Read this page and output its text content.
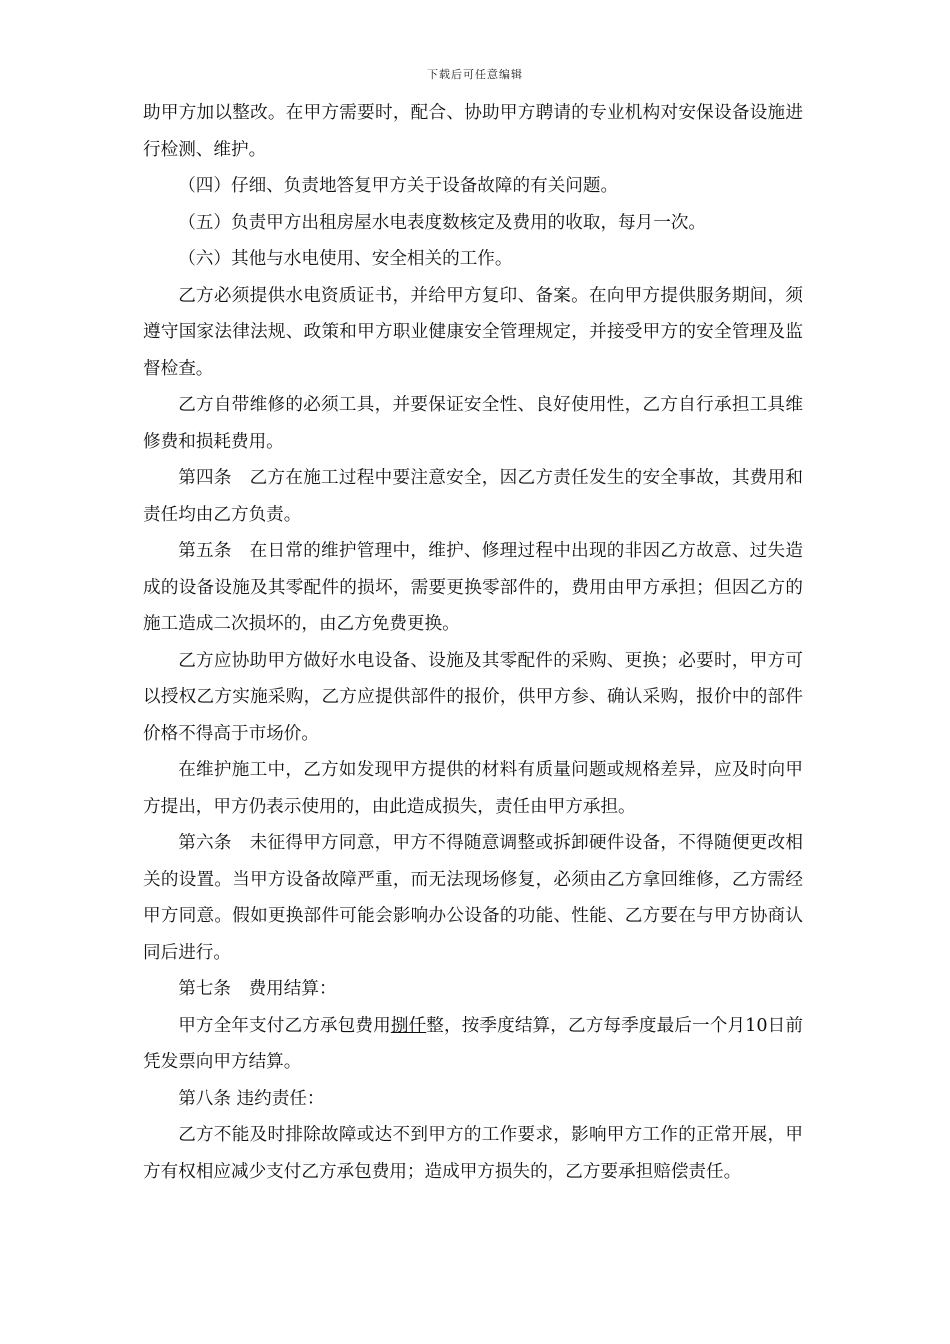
下载后可任意编辑

助甲方加以整改。在甲方需要时，配合、协助甲方聘请的专业机构对安保设备设施进行检测、维护。

（四）仔细、负责地答复甲方关于设备故障的有关问题。

（五）负责甲方出租房屋水电表度数核定及费用的收取，每月一次。

（六）其他与水电使用、安全相关的工作。

乙方必须提供水电资质证书，并给甲方复印、备案。在向甲方提供服务期间，须遵守国家法律法规、政策和甲方职业健康安全管理规定，并接受甲方的安全管理及监督检查。

乙方自带维修的必须工具，并要保证安全性、良好使用性，乙方自行承担工具维修费和损耗费用。

第四条　乙方在施工过程中要注意安全，因乙方责任发生的安全事故，其费用和责任均由乙方负责。

第五条　在日常的维护管理中，维护、修理过程中出现的非因乙方故意、过失造成的设备设施及其零配件的损坏，需要更换零部件的，费用由甲方承担；但因乙方的施工造成二次损坏的，由乙方免费更换。

乙方应协助甲方做好水电设备、设施及其零配件的采购、更换；必要时，甲方可以授权乙方实施采购，乙方应提供部件的报价，供甲方参、确认采购，报价中的部件价格不得高于市场价。

在维护施工中，乙方如发现甲方提供的材料有质量问题或规格差异，应及时向甲方提出，甲方仍表示使用的，由此造成损失，责任由甲方承担。

第六条　未征得甲方同意，甲方不得随意调整或拆卸硬件设备，不得随便更改相关的设置。当甲方设备故障严重，而无法现场修复，必须由乙方拿回维修，乙方需经甲方同意。假如更换部件可能会影响办公设备的功能、性能、乙方要在与甲方协商认同后进行。

第七条　费用结算：

甲方全年支付乙方承包费用捌仟整，按季度结算，乙方每季度最后一个月10日前凭发票向甲方结算。

第八条 违约责任：

乙方不能及时排除故障或达不到甲方的工作要求，影响甲方工作的正常开展，甲方有权相应减少支付乙方承包费用；造成甲方损失的，乙方要承担赔偿责任。
